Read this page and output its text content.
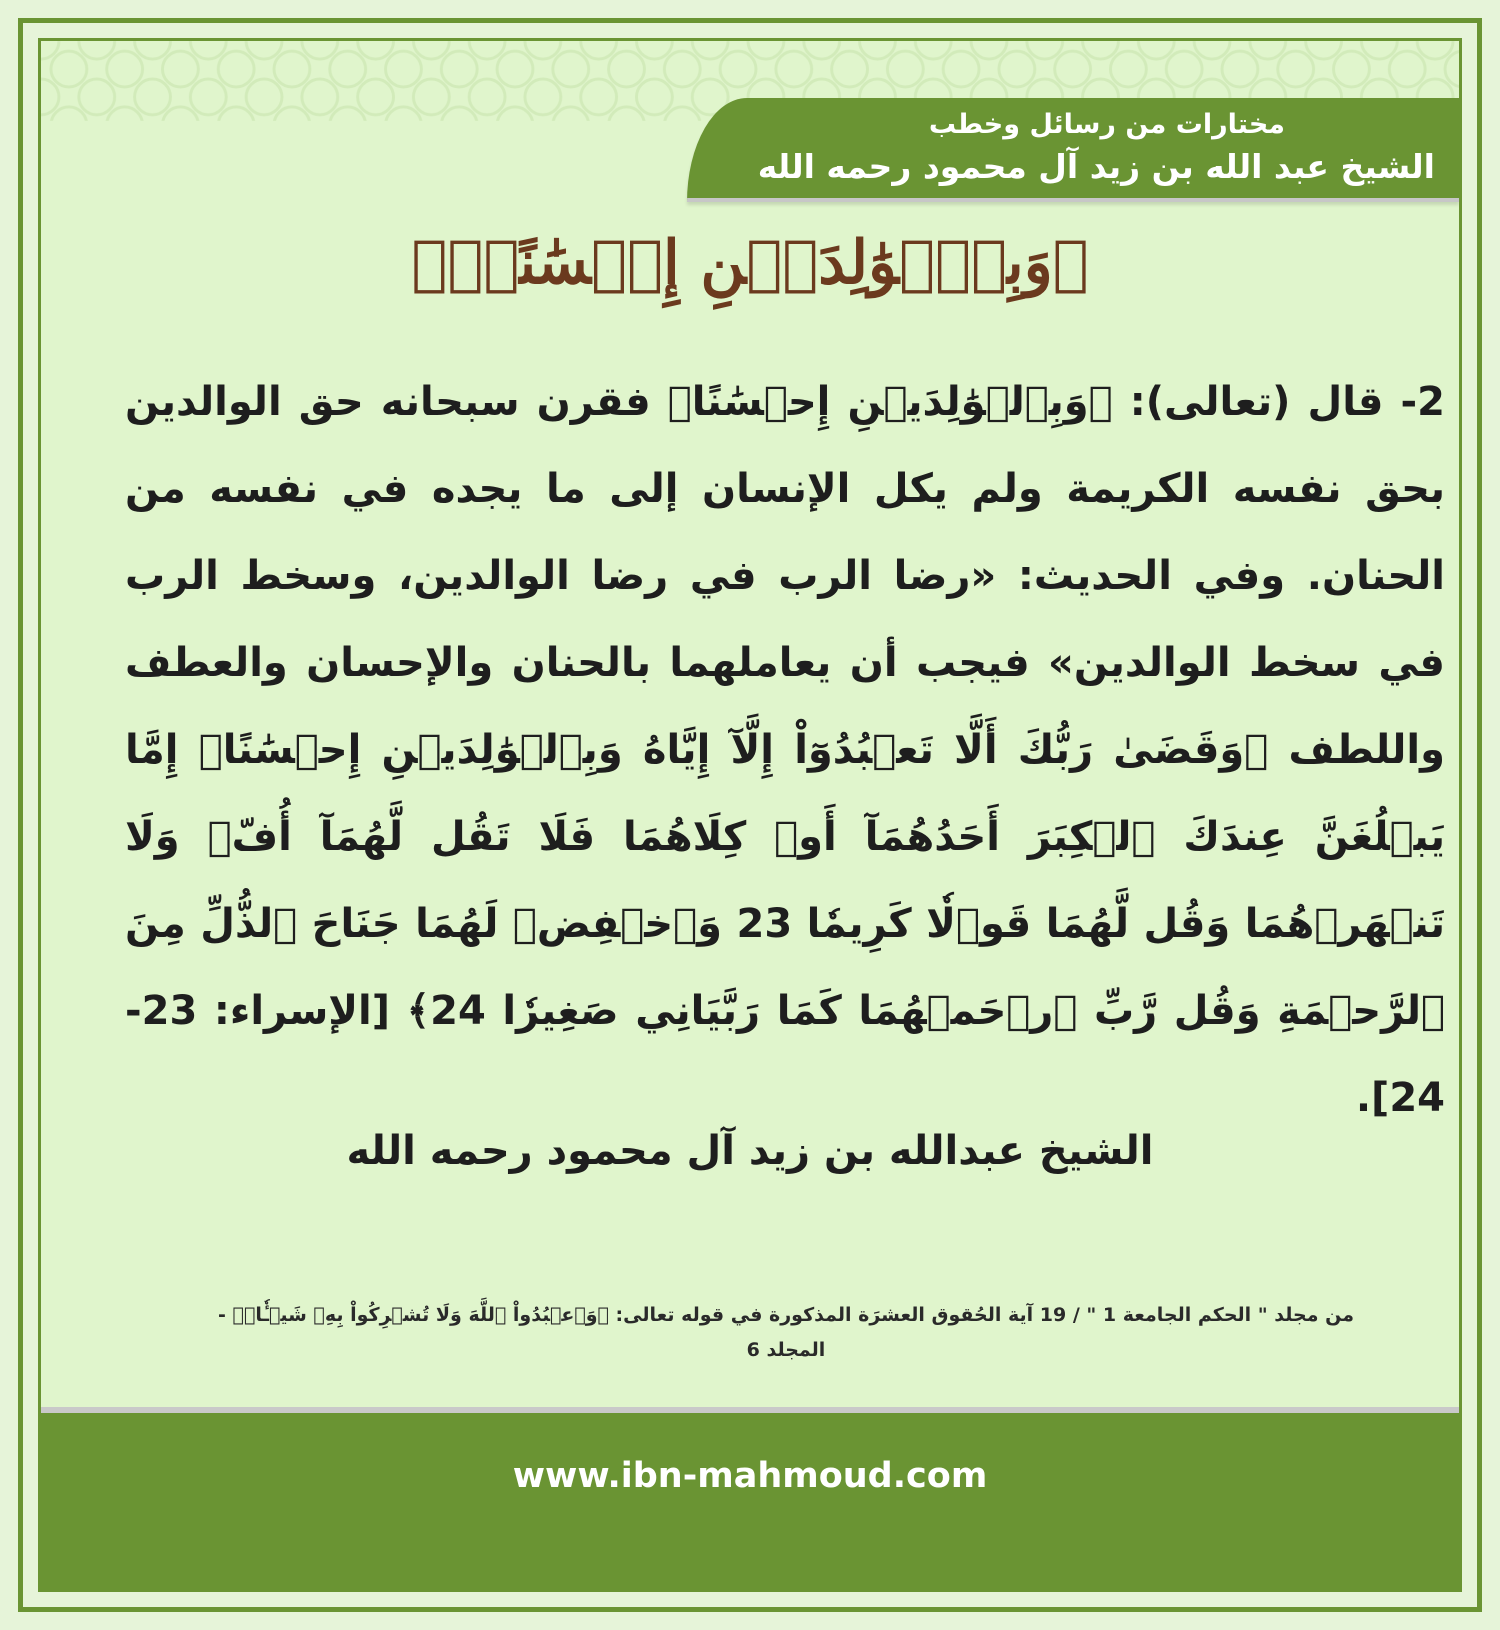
مختارات من رسائل وخطب
الشيخ عبد الله بن زيد آل محمود رحمه الله
﴿وَبِٱلۡوَٰلِدَيۡنِ إِحۡسَٰنًاۚ﴾
2- قال (تعالى): ﴿وَبِٱلۡوَٰلِدَيۡنِ إِحۡسَٰنًا﴾ فقرن سبحانه حق الوالدين بحق نفسه الكريمة ولم يكل الإنسان إلى ما يجده في نفسه من الحنان. وفي الحديث: «رضا الرب في رضا الوالدين، وسخط الرب في سخط الوالدين» فيجب أن يعاملهما بالحنان والإحسان والعطف واللطف ﴿وَقَضَىٰ رَبُّكَ أَلَّا تَعۡبُدُوٓاْ إِلَّآ إِيَّاهُ وَبِٱلۡوَٰلِدَيۡنِ إِحۡسَٰنًاۚ إِمَّا يَبۡلُغَنَّ عِندَكَ ٱلۡكِبَرَ أَحَدُهُمَآ أَوۡ كِلَاهُمَا فَلَا تَقُل لَّهُمَآ أُفّٖ وَلَا تَنۡهَرۡهُمَا وَقُل لَّهُمَا قَوۡلٗا كَرِيمٗا 23 وَٱخۡفِضۡ لَهُمَا جَنَاحَ ٱلذُّلِّ مِنَ ٱلرَّحۡمَةِ وَقُل رَّبِّ ٱرۡحَمۡهُمَا كَمَا رَبَّيَانِي صَغِيرٗا 24﴾ [الإسراء: 23-24].
الشيخ عبدالله بن زيد آل محمود رحمه الله
من مجلد " الحكم الجامعة 1 " / 19 آية الحُقوق العشرَة المذكورة في قوله تعالى: ﴿وَٱعۡبُدُواْ ٱللَّهَ وَلَا تُشۡرِكُواْ بِهِۦ شَيۡـٔٗاۖ﴾ -
المجلد 6
www.ibn-mahmoud.com
